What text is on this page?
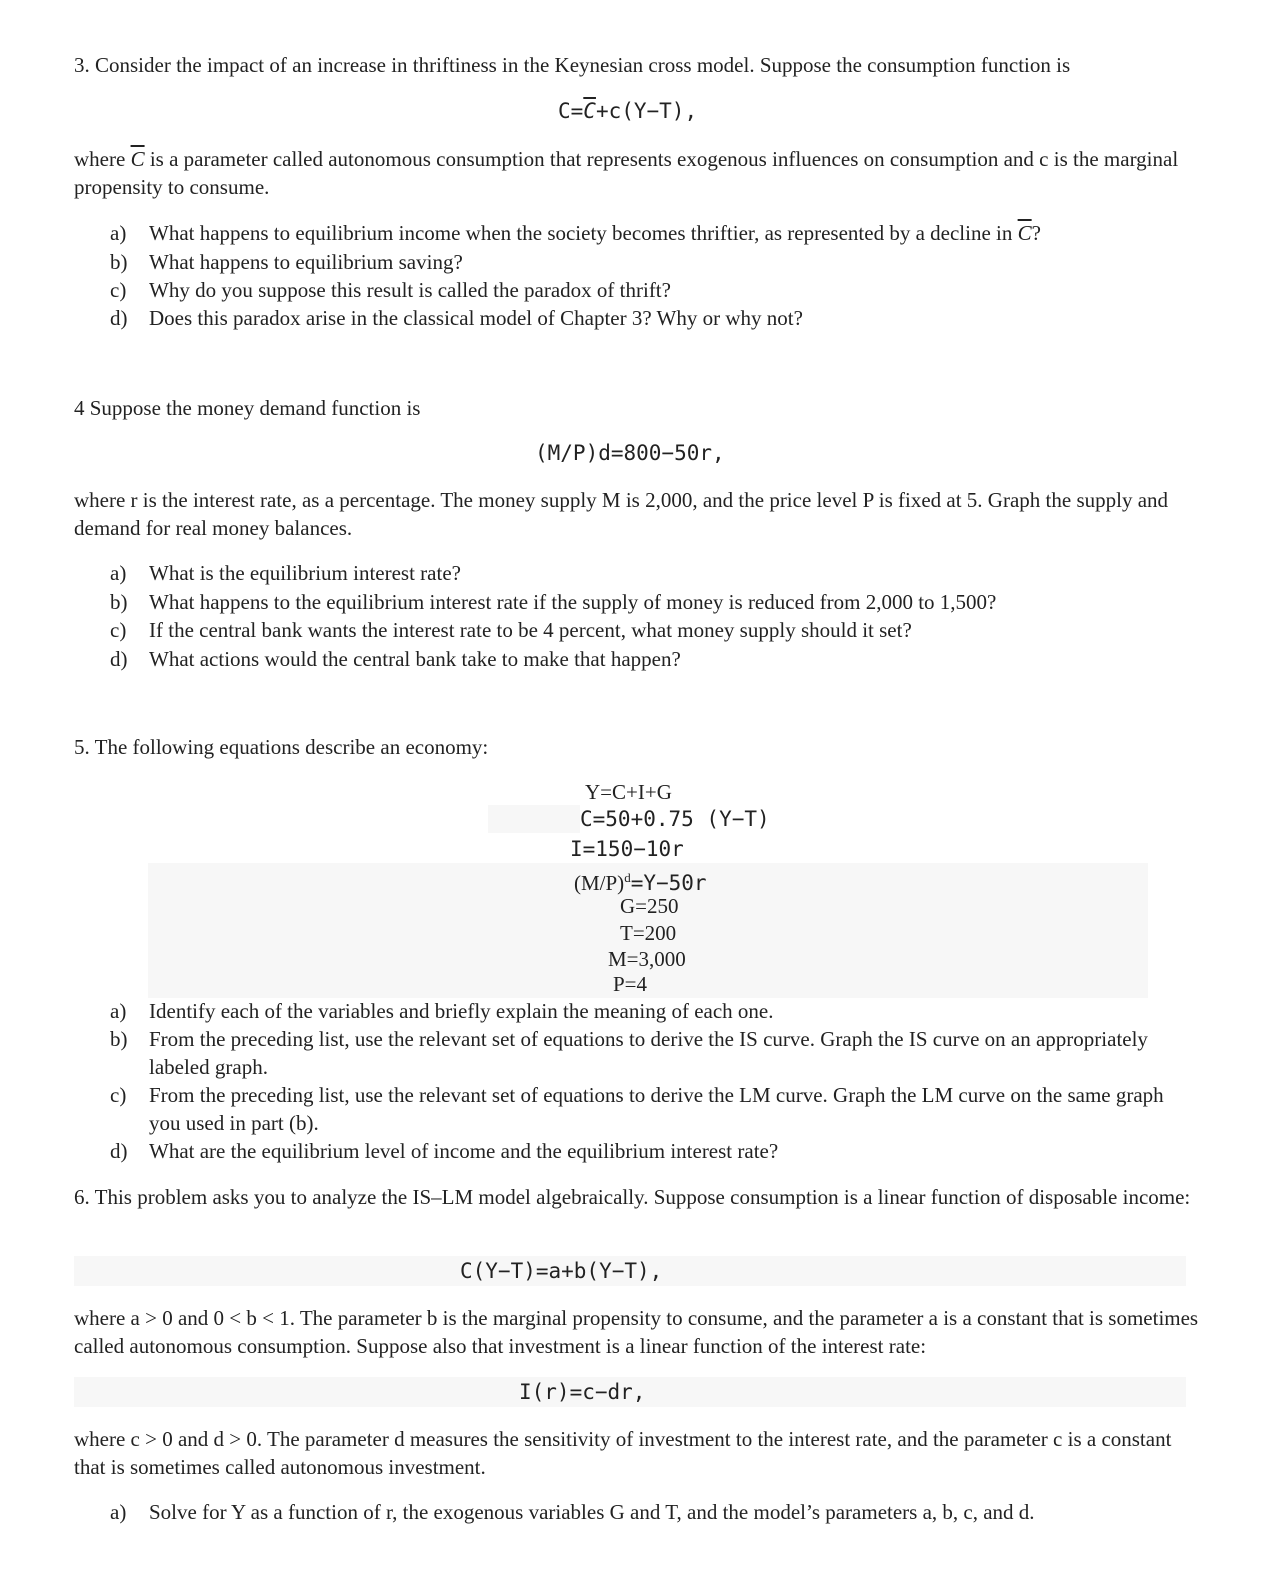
3. Consider the impact of an increase in thriftiness in the Keynesian cross model. Suppose the consumption function is

$C=\overline{C}+c(Y-T)$,

where $\overline{C}$ is a parameter called autonomous consumption that represents exogenous influences on consumption and c is the marginal propensity to consume.

a) What happens to equilibrium income when the society becomes thriftier, as represented by a decline in $\overline{C}$?
b) What happens to equilibrium saving?
c) Why do you suppose this result is called the paradox of thrift?
d) Does this paradox arise in the classical model of Chapter 3? Why or why not?

4 Suppose the money demand function is

(M/P)d=800−50r,

where r is the interest rate, as a percentage. The money supply M is 2,000, and the price level P is fixed at 5. Graph the supply and demand for real money balances.

a) What is the equilibrium interest rate?
b) What happens to the equilibrium interest rate if the supply of money is reduced from 2,000 to 1,500?
c) If the central bank wants the interest rate to be 4 percent, what money supply should it set?
d) What actions would the central bank take to make that happen?

5. The following equations describe an economy:

Y=C+I+G
C=50+0.75 (Y−T)
I=150−10r
$(M/P)^d=Y-50r$
G=250
T=200
M=3,000
P=4
a) Identify each of the variables and briefly explain the meaning of each one.
b) From the preceding list, use the relevant set of equations to derive the IS curve. Graph the IS curve on an appropriately labeled graph.
c) From the preceding list, use the relevant set of equations to derive the LM curve. Graph the LM curve on the same graph you used in part (b).
d) What are the equilibrium level of income and the equilibrium interest rate?

6. This problem asks you to analyze the IS–LM model algebraically. Suppose consumption is a linear function of disposable income:

C(Y−T)=a+b(Y−T),

where a > 0 and 0 < b < 1. The parameter b is the marginal propensity to consume, and the parameter a is a constant that is sometimes called autonomous consumption. Suppose also that investment is a linear function of the interest rate:

I(r)=c−dr,

where c > 0 and d > 0. The parameter d measures the sensitivity of investment to the interest rate, and the parameter c is a constant that is sometimes called autonomous investment.

a) Solve for Y as a function of r, the exogenous variables G and T, and the model’s parameters a, b, c, and d.
